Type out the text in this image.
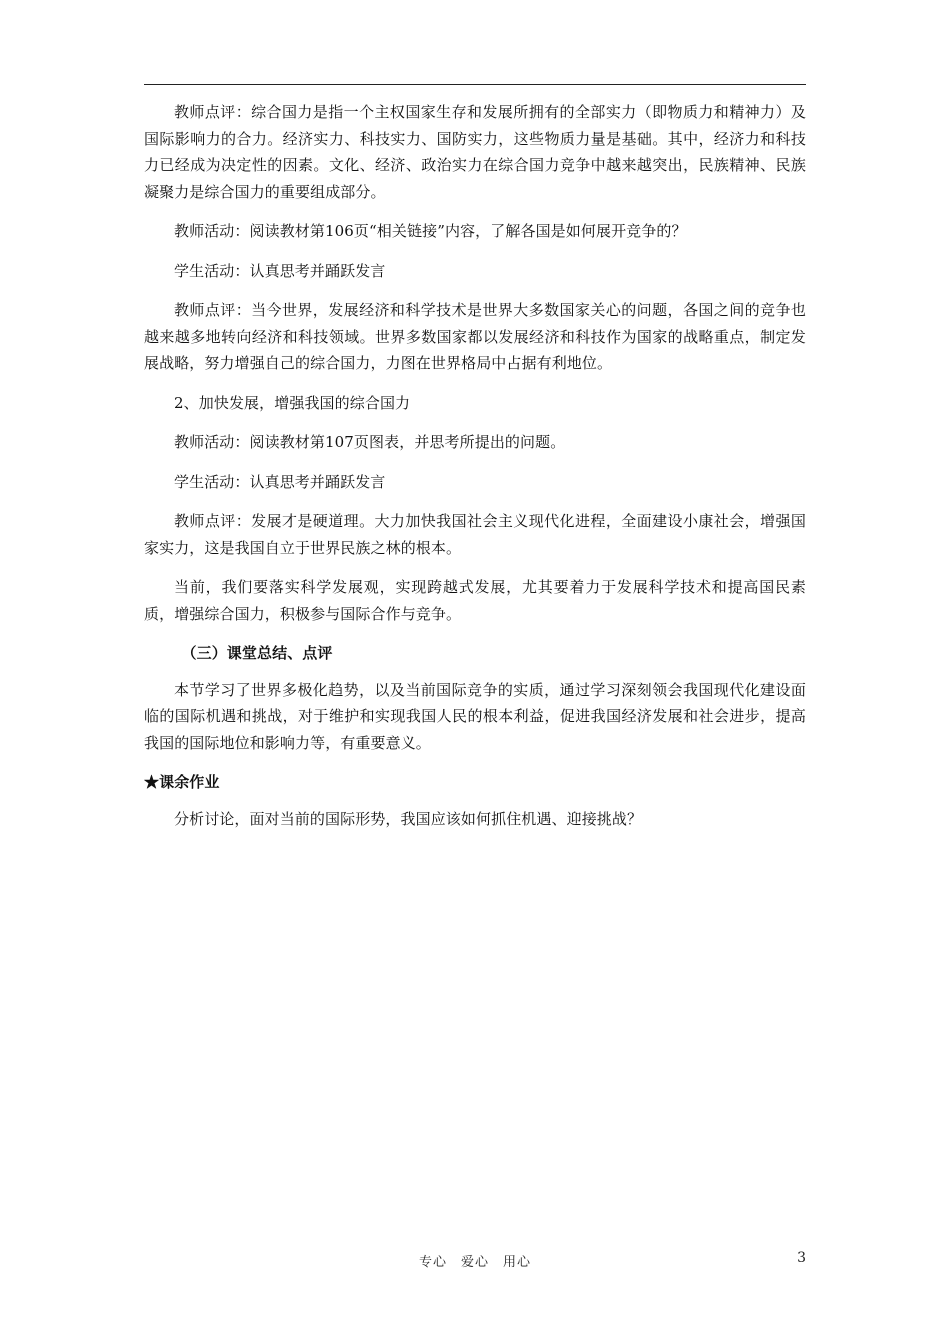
教师点评：综合国力是指一个主权国家生存和发展所拥有的全部实力（即物质力和精神力）及国际影响力的合力。经济实力、科技实力、国防实力，这些物质力量是基础。其中，经济力和科技力已经成为决定性的因素。文化、经济、政治实力在综合国力竞争中越来越突出，民族精神、民族凝聚力是综合国力的重要组成部分。

教师活动：阅读教材第106页“相关链接”内容，了解各国是如何展开竞争的？

学生活动：认真思考并踊跃发言

教师点评：当今世界，发展经济和科学技术是世界大多数国家关心的问题，各国之间的竞争也越来越多地转向经济和科技领域。世界多数国家都以发展经济和科技作为国家的战略重点，制定发展战略，努力增强自己的综合国力，力图在世界格局中占据有利地位。

2、加快发展，增强我国的综合国力

教师活动：阅读教材第107页图表，并思考所提出的问题。

学生活动：认真思考并踊跃发言

教师点评：发展才是硬道理。大力加快我国社会主义现代化进程，全面建设小康社会，增强国家实力，这是我国自立于世界民族之林的根本。

当前，我们要落实科学发展观，实现跨越式发展，尤其要着力于发展科学技术和提高国民素质，增强综合国力，积极参与国际合作与竞争。

（三）课堂总结、点评

本节学习了世界多极化趋势，以及当前国际竞争的实质，通过学习深刻领会我国现代化建设面临的国际机遇和挑战，对于维护和实现我国人民的根本利益，促进我国经济发展和社会进步，提高我国的国际地位和影响力等，有重要意义。

★课余作业

分析讨论，面对当前的国际形势，我国应该如何抓住机遇、迎接挑战？

专心　爱心　用心	3
